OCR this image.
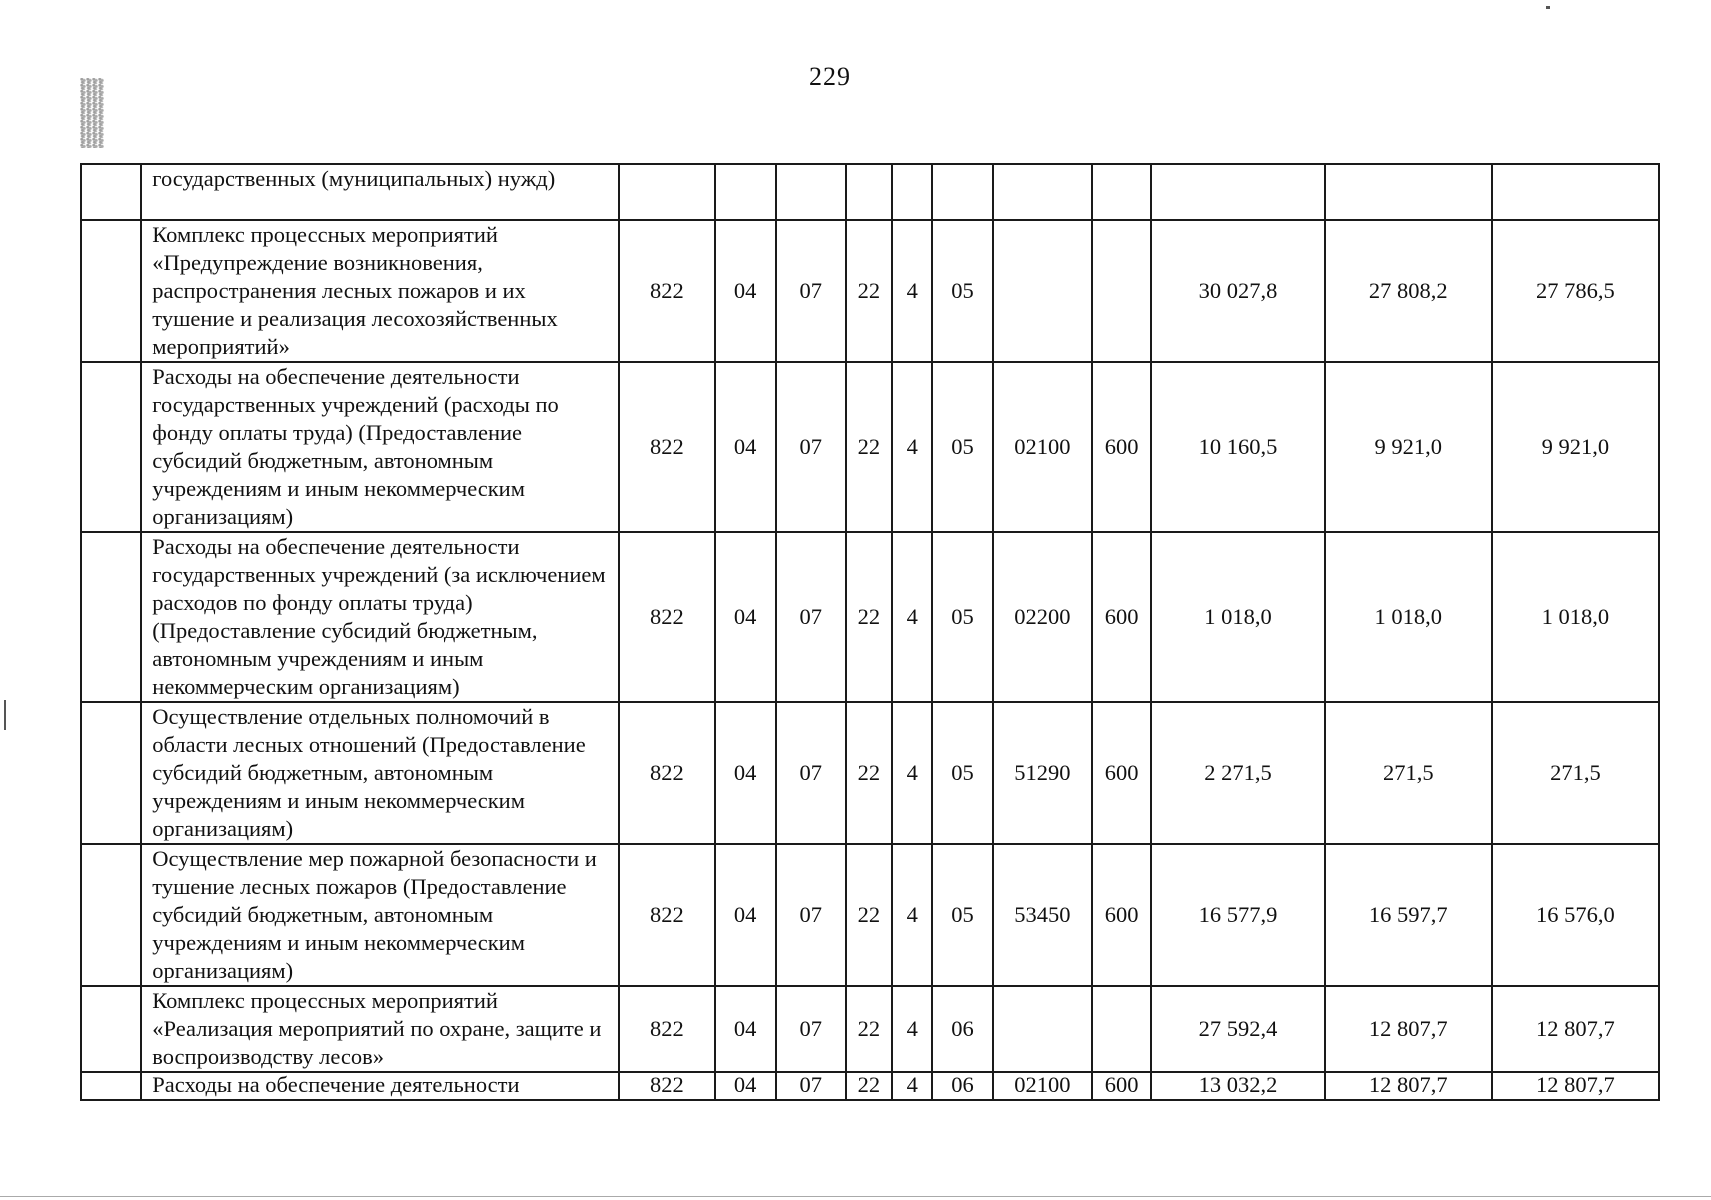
229
	государственных (муниципальных) нужд)											
	Комплекс процессных мероприятий «Предупреждение возникновения, распространения лесных пожаров и их тушение и реализация лесохозяйственных мероприятий»	822	04	07	22	4	05			30 027,8	27 808,2	27 786,5
	Расходы на обеспечение деятельности государственных учреждений (расходы по фонду оплаты труда) (Предоставление субсидий бюджетным, автономным учреждениям и иным некоммерческим организациям)	822	04	07	22	4	05	02100	600	10 160,5	9 921,0	9 921,0
	Расходы на обеспечение деятельности государственных учреждений (за исключением расходов по фонду оплаты труда) (Предоставление субсидий бюджетным, автономным учреждениям и иным некоммерческим организациям)	822	04	07	22	4	05	02200	600	1 018,0	1 018,0	1 018,0
	Осуществление отдельных полномочий в области лесных отношений (Предоставление субсидий бюджетным, автономным учреждениям и иным некоммерческим организациям)	822	04	07	22	4	05	51290	600	2 271,5	271,5	271,5
	Осуществление мер пожарной безопасности и тушение лесных пожаров (Предоставление субсидий бюджетным, автономным учреждениям и иным некоммерческим организациям)	822	04	07	22	4	05	53450	600	16 577,9	16 597,7	16 576,0
	Комплекс процессных мероприятий «Реализация мероприятий по охране, защите и воспроизводству лесов»	822	04	07	22	4	06			27 592,4	12 807,7	12 807,7
	Расходы на обеспечение деятельности	822	04	07	22	4	06	02100	600	13 032,2	12 807,7	12 807,7
